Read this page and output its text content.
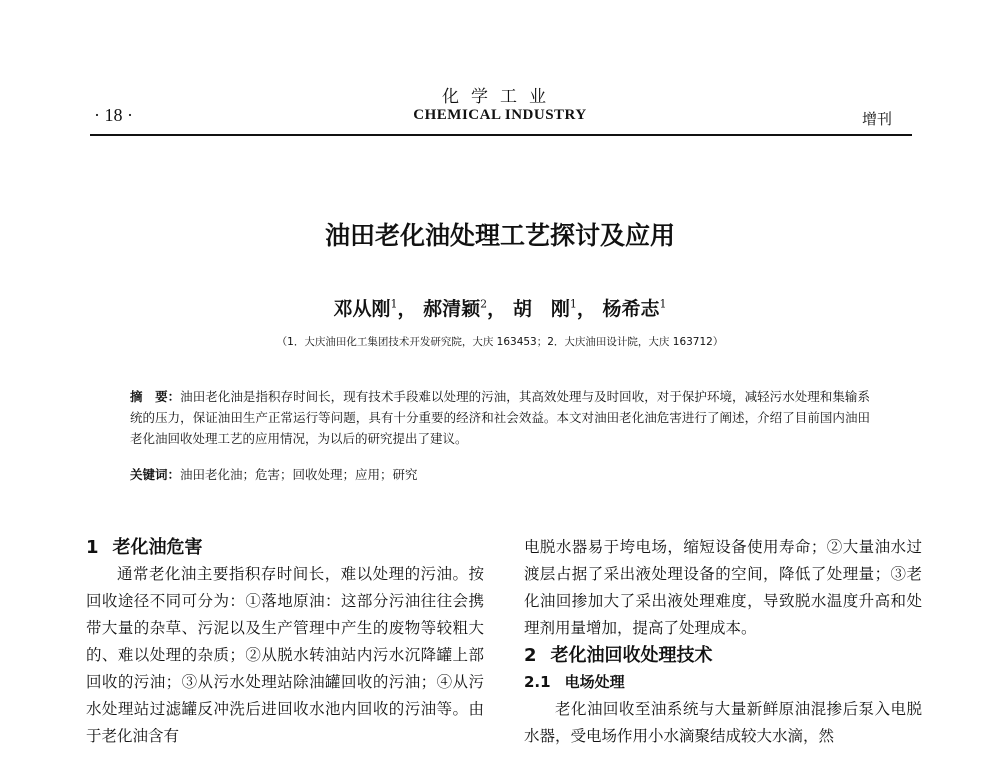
化学工业
· 18 ·	CHEMICAL INDUSTRY	增刊
油田老化油处理工艺探讨及应用
邓从刚$^1$， 郝清颖$^2$， 胡　刚$^1$， 杨希志$^1$
（1．大庆油田化工集团技术开发研究院，大庆 163453；2．大庆油田设计院，大庆 163712）
摘　要：油田老化油是指积存时间长，现有技术手段难以处理的污油，其高效处理与及时回收，对于保护环境，减轻污水处理和集输系统的压力，保证油田生产正常运行等问题，具有十分重要的经济和社会效益。本文对油田老化油危害进行了阐述，介绍了目前国内油田老化油回收处理工艺的应用情况，为以后的研究提出了建议。
关键词：油田老化油；危害；回收处理；应用；研究

1 老化油危害

通常老化油主要指积存时间长，难以处理的污油。按回收途径不同可分为：①落地原油：这部分污油往往会携带大量的杂草、污泥以及生产管理中产生的废物等较粗大的、难以处理的杂质；②从脱水转油站内污水沉降罐上部回收的污油；③从污水处理站除油罐回收的污油；④从污水处理站过滤罐反冲洗后进回收水池内回收的污油等。由于老化油含有

电脱水器易于垮电场，缩短设备使用寿命；②大量油水过渡层占据了采出液处理设备的空间，降低了处理量；③老化油回掺加大了采出液处理难度，导致脱水温度升高和处理剂用量增加，提高了处理成本。

2 老化油回收处理技术

2.1 电场处理

老化油回收至油系统与大量新鲜原油混掺后泵入电脱水器，受电场作用小水滴聚结成较大水滴，然
